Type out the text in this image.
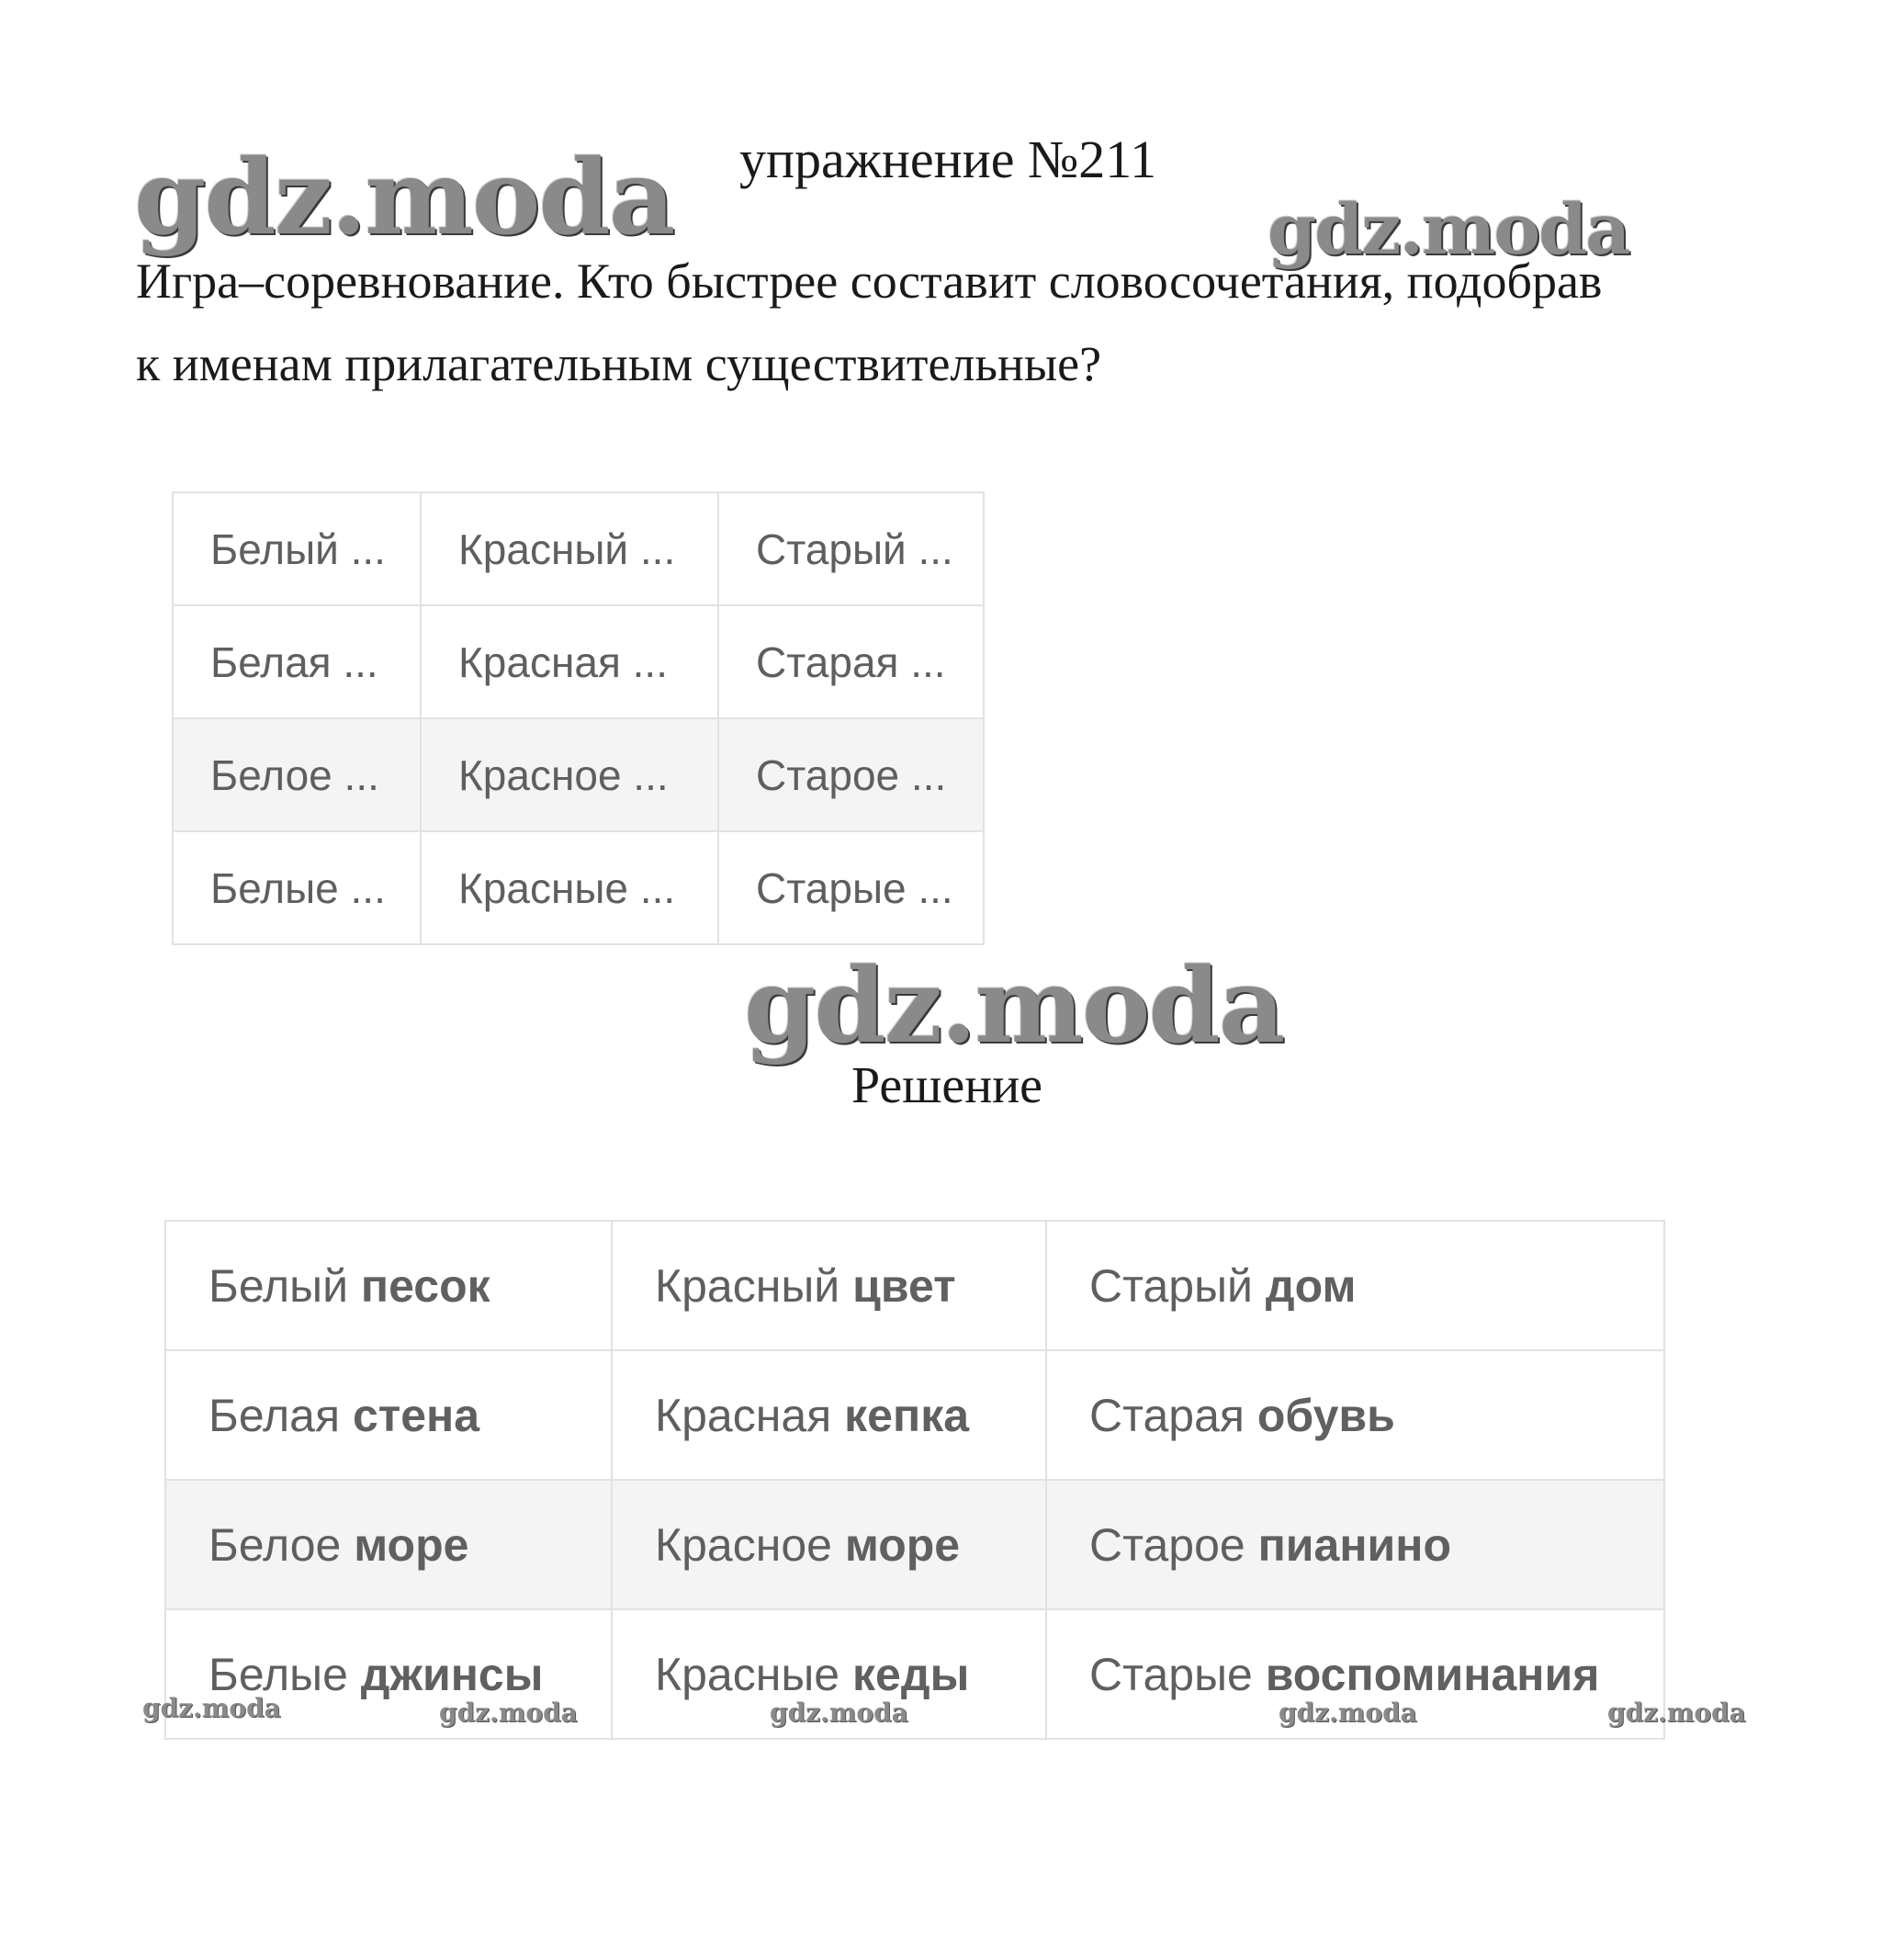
gdz.moda	gdz.moda
gdz.moda
упражнение №211
Игра–соревнование. Кто быстрее составит словосочетания, подобрав
к именам прилагательным существительные?
Белый ...	Красный ...	Старый ...
Белая ...	Красная ...	Старая ...
Белое ...	Красное ...	Старое ...
Белые ...	Красные ...	Старые ...
Решение
Белый песок	Красный цвет	Старый дом
Белая стена	Красная кепка	Старая обувь
Белое море	Красное море	Старое пианино
Белые джинсы	Красные кеды	Старые воспоминания
gdz.moda	gdz.moda	gdz.moda	gdz.moda	gdz.moda
